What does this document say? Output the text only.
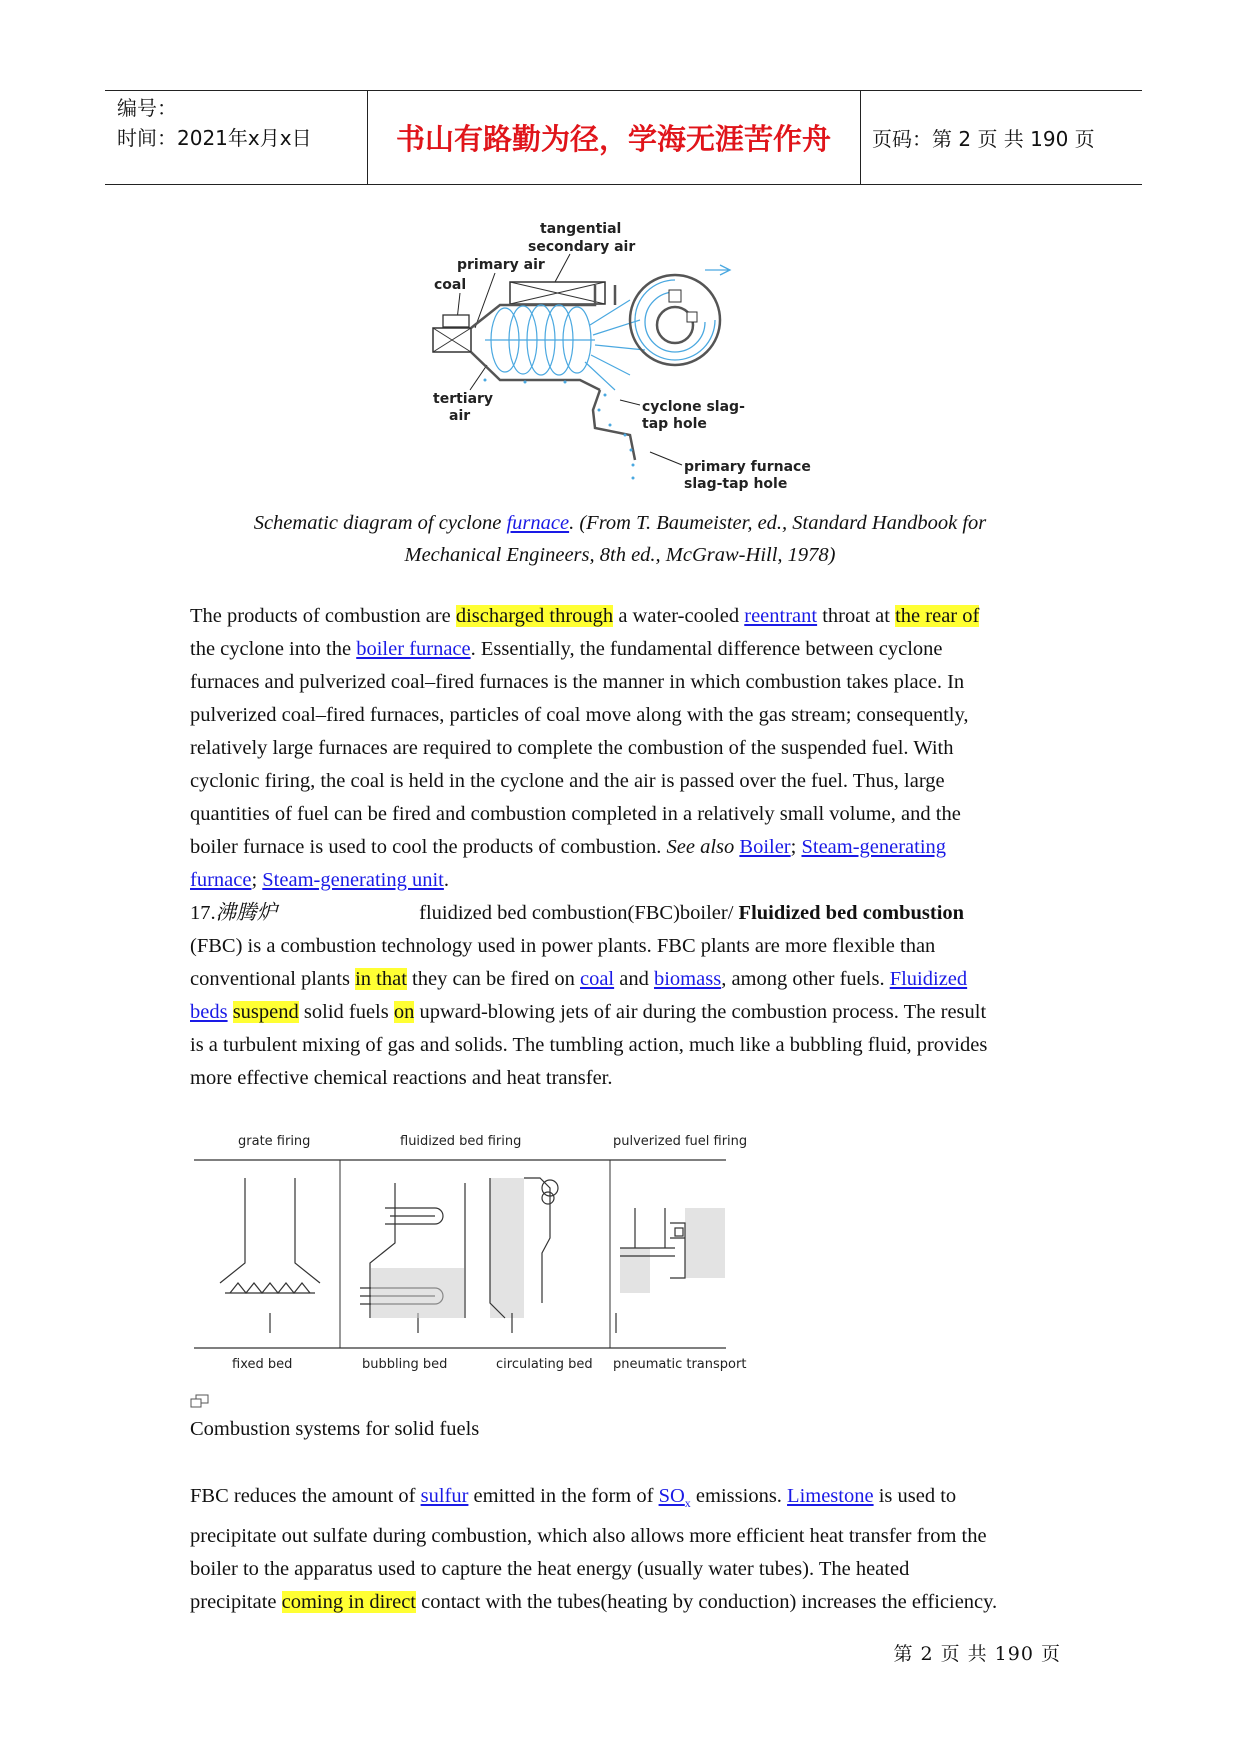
编号：
时间：2021年x月x日	书山有路勤为径，学海无涯苦作舟	页码：第 2 页 共 190 页
tangential
secondary air
primary air
coal
tertiary
air
cyclone slag-
tap hole
primary furnace
slag-tap hole

Schematic diagram of cyclone furnace. (From T. Baumeister, ed., Standard Handbook for

Mechanical Engineers, 8th ed., McGraw-Hill, 1978)

The products of combustion are discharged through a water-cooled reentrant throat at the rear of

the cyclone into the boiler furnace. Essentially, the fundamental difference between cyclone

furnaces and pulverized coal–fired furnaces is the manner in which combustion takes place. In

pulverized coal–fired furnaces, particles of coal move along with the gas stream; consequently,

relatively large furnaces are required to complete the combustion of the suspended fuel. With

cyclonic firing, the coal is held in the cyclone and the air is passed over the fuel. Thus, large

quantities of fuel can be fired and combustion completed in a relatively small volume, and the

boiler furnace is used to cool the products of combustion. See also Boiler; Steam-generating

furnace; Steam-generating unit.

17.沸腾炉	fluidized bed combustion(FBC)boiler/ Fluidized bed combustion

(FBC) is a combustion technology used in power plants. FBC plants are more flexible than

conventional plants in that they can be fired on coal and biomass, among other fuels. Fluidized

beds suspend solid fuels on upward-blowing jets of air during the combustion process. The result

is a turbulent mixing of gas and solids. The tumbling action, much like a bubbling fluid, provides

more effective chemical reactions and heat transfer.

grate firing	fluidized bed firing	pulverized fuel firing
fixed bed	bubbling bed	circulating bed pneumatic transport
Combustion systems for solid fuels

FBC reduces the amount of sulfur emitted in the form of $SO_x$ emissions. Limestone is used to

precipitate out sulfate during combustion, which also allows more efficient heat transfer from the

boiler to the apparatus used to capture the heat energy (usually water tubes). The heated

precipitate coming in direct contact with the tubes(heating by conduction) increases the efficiency.

第 2 页 共 190 页
